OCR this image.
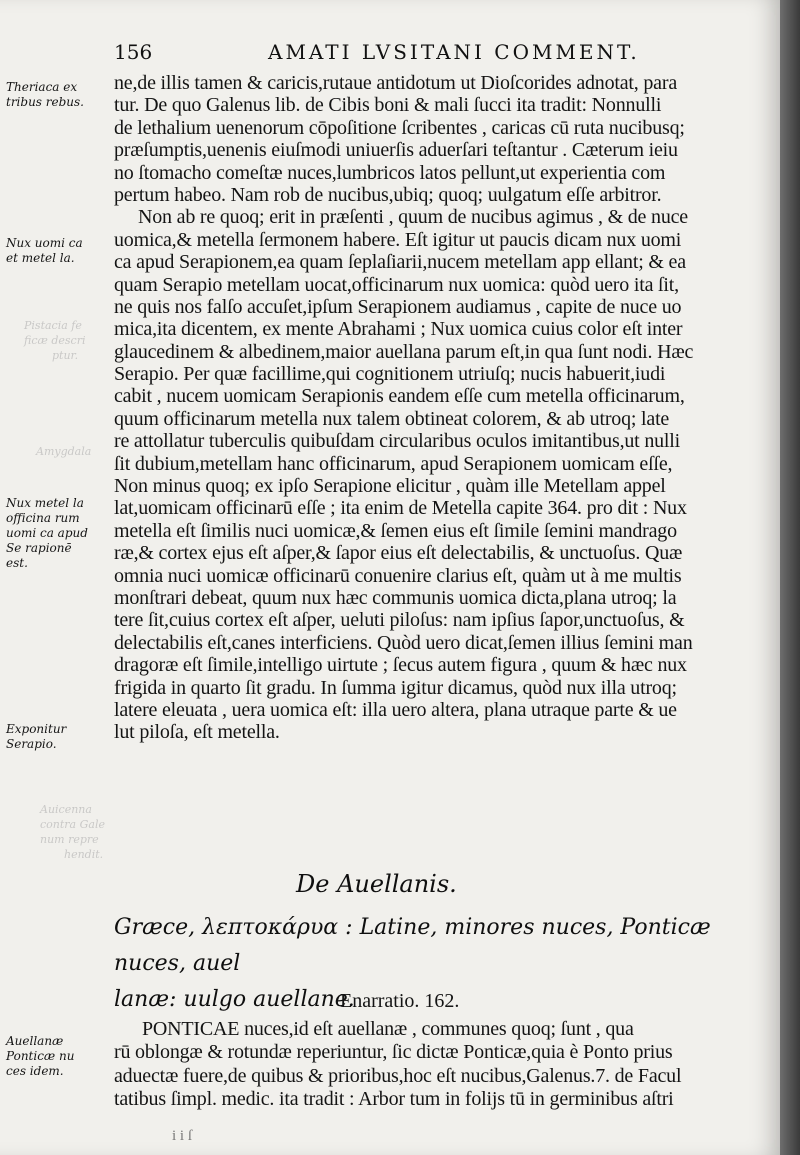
Pistacia fe
ficæ descri
ptur.
Amygdala
Auicenna
contra Gale
num repre
hendit.
156	AMATI LVSITANI COMMENT.
Theriaca ex tribus rebus.
Nux uomi ca et metel la.
Nux metel la officina rum uomi ca apud Se rapionē est.
Exponitur Serapio.
Auellanæ Ponticæ nu ces idem.
ne,de illis tamen & caricis,rutaue antidotum ut Dioſcorides adnotat, para
tur. De quo Galenus lib. de Cibis boni & mali ſucci ita tradit: Nonnulli
de lethalium uenenorum cōpoſitione ſcribentes , caricas cū ruta nucibusq;
præſumptis,uenenis eiuſmodi uniuerſis aduerſari teſtantur . Cæterum ieiu
no ſtomacho comeſtæ nuces,lumbricos latos pellunt,ut experientia com
pertum habeo. Nam rob de nucibus,ubiq; quoq; uulgatum eſſe arbitror.
Non ab re quoq; erit in præſenti , quum de nucibus agimus , & de nuce
uomica,& metella ſermonem habere. Eſt igitur ut paucis dicam nux uomi
ca apud Serapionem,ea quam ſeplaſiarii,nucem metellam app ellant; & ea
quam Serapio metellam uocat,officinarum nux uomica: quòd uero ita ſit,
ne quis nos falſo accuſet,ipſum Serapionem audiamus , capite de nuce uo
mica,ita dicentem, ex mente Abrahami ; Nux uomica cuius color eſt inter
glaucedinem & albedinem,maior auellana parum eſt,in qua ſunt nodi. Hæc
Serapio. Per quæ facillime,qui cognitionem utriuſq; nucis habuerit,iudi
cabit , nucem uomicam Serapionis eandem eſſe cum metella officinarum,
quum officinarum metella nux talem obtineat colorem, & ab utroq; late
re attollatur tuberculis quibuſdam circularibus oculos imitantibus,ut nulli
ſit dubium,metellam hanc officinarum, apud Serapionem uomicam eſſe,
Non minus quoq; ex ipſo Serapione elicitur , quàm ille Metellam appel
lat,uomicam officinarū eſſe ; ita enim de Metella capite 364. pro dit : Nux
metella eſt ſimilis nuci uomicæ,& ſemen eius eſt ſimile ſemini mandrago
ræ,& cortex ejus eſt aſper,& ſapor eius eſt delectabilis, & unctuoſus. Quæ
omnia nuci uomicæ officinarū conuenire clarius eſt, quàm ut à me multis
monſtrari debeat, quum nux hæc communis uomica dicta,plana utroq; la
tere ſit,cuius cortex eſt aſper, ueluti piloſus: nam ipſius ſapor,unctuoſus, &
delectabilis eſt,canes interficiens. Quòd uero dicat,ſemen illius ſemini man
dragoræ eſt ſimile,intelligo uirtute ; ſecus autem figura , quum & hæc nux
frigida in quarto ſit gradu. In ſumma igitur dicamus, quòd nux illa utroq;
latere eleuata , uera uomica eſt: illa uero altera, plana utraque parte & ue
lut piloſa, eſt metella.
De Auellanis.
Græce, λεπτοκάρυα : Latine, minores nuces, Ponticæ nuces, auel
lanæ: uulgo auellane.
Enarratio. 162.
PONTICAE nuces,id eſt auellanæ , communes quoq; ſunt , qua
rū oblongæ & rotundæ reperiuntur, ſic dictæ Ponticæ,quia è Ponto prius
aduectæ fuere,de quibus & prioribus,hoc eſt nucibus,Galenus.7. de Facul
tatibus ſimpl. medic. ita tradit : Arbor tum in folijs tū in germinibus aſtri
i i ſ
